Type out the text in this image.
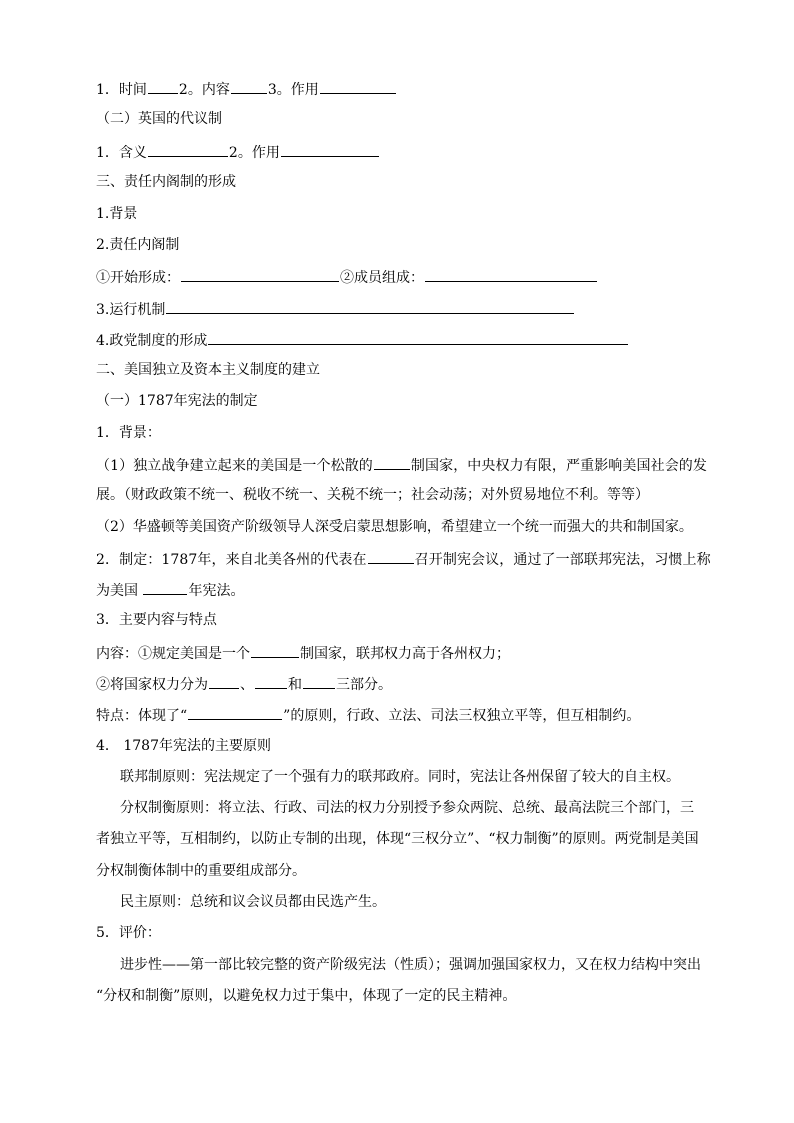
1．时间 2。内容	3。作用
（二）英国的代议制
1．含义	2。作用
三、责任内阁制的形成
1.背景
2.责任内阁制
①开始形成：	②成员组成：
3.运行机制
4.政党制度的形成
二、美国独立及资本主义制度的建立
（一）1787年宪法的制定
1．背景：
（1）独立战争建立起来的美国是一个松散的	制国家，中央权力有限，严重影响美国社会的发
展。（财政政策不统一、税收不统一、关税不统一；社会动荡；对外贸易地位不利。等等）
（2）华盛顿等美国资产阶级领导人深受启蒙思想影响，希望建立一个统一而强大的共和制国家。
2．制定：1787年，来自北美各州的代表在	召开制宪会议，通过了一部联邦宪法，习惯上称
为美国	年宪法。
3．主要内容与特点
内容：①规定美国是一个	制国家，联邦权力高于各州权力；
②将国家权力分为 、 和 三部分。
特点：体现了“	”的原则，行政、立法、司法三权独立平等，但互相制约。
4． 1787年宪法的主要原则
联邦制原则：宪法规定了一个强有力的联邦政府。同时，宪法让各州保留了较大的自主权。
分权制衡原则：将立法、行政、司法的权力分别授予参众两院、总统、最高法院三个部门，三
者独立平等，互相制约，以防止专制的出现，体现“三权分立”、“权力制衡”的原则。两党制是美国
分权制衡体制中的重要组成部分。
民主原则：总统和议会议员都由民选产生。
5．评价：
进步性——第一部比较完整的资产阶级宪法（性质）；强调加强国家权力，又在权力结构中突出
“分权和制衡”原则，以避免权力过于集中，体现了一定的民主精神。
